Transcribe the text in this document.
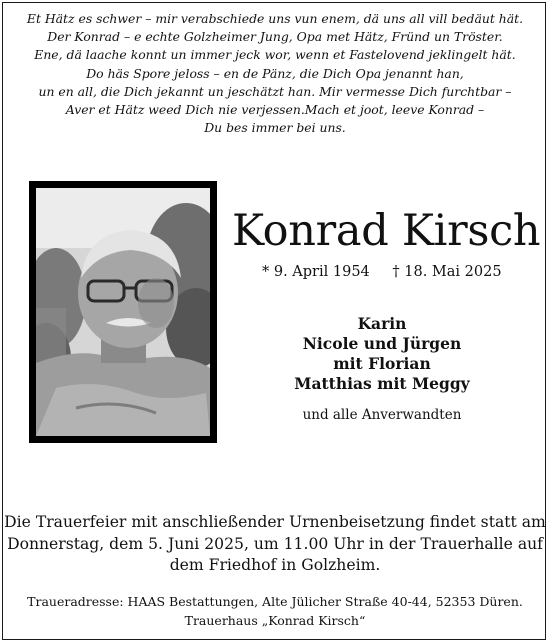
Et Hätz es schwer – mir verabschiede uns vun enem, dä uns all vill bedäut hät.
Der Konrad – e echte Golzheimer Jung, Opa met Hätz, Fründ un Tröster.
Ene, dä laache konnt un immer jeck wor, wenn et Fastelovend jeklingelt hät.
Do häs Spore jeloss – en de Pänz, die Dich Opa jenannt han,
un en all, die Dich jekannt un jeschätzt han. Mir vermesse Dich furchtbar –
Aver et Hätz weed Dich nie verjessen.Mach et joot, leeve Konrad –
Du bes immer bei uns.
Konrad Kirsch
* 9. April 1954 † 18. Mai 2025
Karin
Nicole und Jürgen
mit Florian
Matthias mit Meggy
und alle Anverwandten
Die Trauerfeier mit anschließender Urnenbeisetzung findet statt am
Donnerstag, dem 5. Juni 2025, um 11.00 Uhr in der Trauerhalle auf
dem Friedhof in Golzheim.
Traueradresse: HAAS Bestattungen, Alte Jülicher Straße 40-44, 52353 Düren.
Trauerhaus „Konrad Kirsch“
